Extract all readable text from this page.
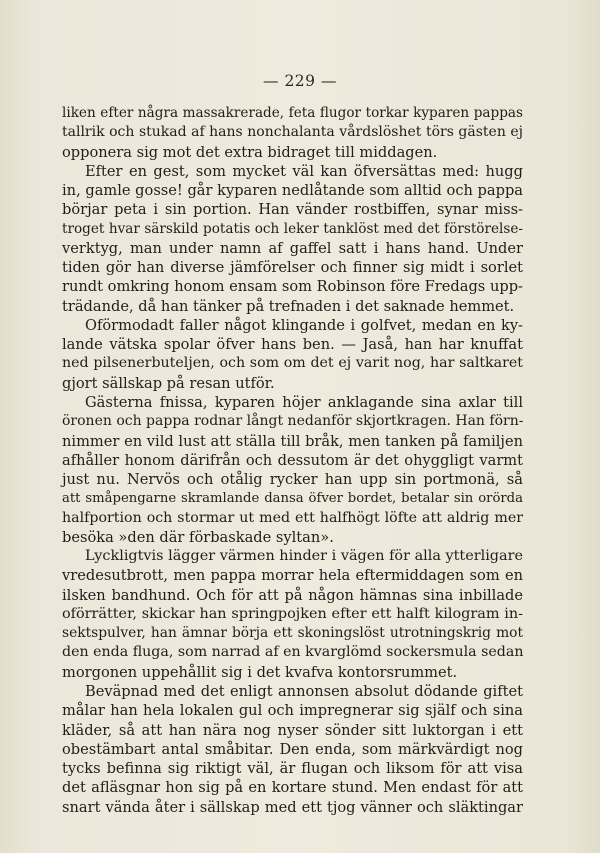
— 229 —
liken efter några massakrerade, feta flugor torkar kyparen pappas
tallrik och stukad af hans nonchalanta vårdslöshet törs gästen ej
opponera sig mot det extra bidraget till middagen.
Efter en gest, som mycket väl kan öfversättas med: hugg
in, gamle gosse! går kyparen nedlåtande som alltid och pappa
börjar peta i sin portion. Han vänder rostbiffen, synar miss-
troget hvar särskild potatis och leker tanklöst med det förstörelse-
verktyg, man under namn af gaffel satt i hans hand. Under
tiden gör han diverse jämförelser och finner sig midt i sorlet
rundt omkring honom ensam som Robinson före Fredags upp-
trädande, då han tänker på trefnaden i det saknade hemmet.
Oförmodadt faller något klingande i golfvet, medan en ky-
lande vätska spolar öfver hans ben. — Jaså, han har knuffat
ned pilsenerbuteljen, och som om det ej varit nog, har saltkaret
gjort sällskap på resan utför.
Gästerna fnissa, kyparen höjer anklagande sina axlar till
öronen och pappa rodnar långt nedanför skjortkragen. Han förn-
nimmer en vild lust att ställa till bråk, men tanken på familjen
afhåller honom därifrån och dessutom är det ohyggligt varmt
just nu. Nervös och otålig rycker han upp sin portmonä, så
att småpengarne skramlande dansa öfver bordet, betalar sin orörda
halfportion och stormar ut med ett halfhögt löfte att aldrig mer
besöka »den där förbaskade syltan».
Lyckligtvis lägger värmen hinder i vägen för alla ytterligare
vredesutbrott, men pappa morrar hela eftermiddagen som en
ilsken bandhund. Och för att på någon hämnas sina inbillade
oförrätter, skickar han springpojken efter ett halft kilogram in-
sektspulver, han ämnar börja ett skoningslöst utrotningskrig mot
den enda fluga, som narrad af en kvarglömd sockersmula sedan
morgonen uppehållit sig i det kvafva kontorsrummet.
Beväpnad med det enligt annonsen absolut dödande giftet
målar han hela lokalen gul och impregnerar sig själf och sina
kläder, så att han nära nog nyser sönder sitt luktorgan i ett
obestämbart antal småbitar. Den enda, som märkvärdigt nog
tycks befinna sig riktigt väl, är flugan och liksom för att visa
det afläsgnar hon sig på en kortare stund. Men endast för att
snart vända åter i sällskap med ett tjog vänner och släktingar
